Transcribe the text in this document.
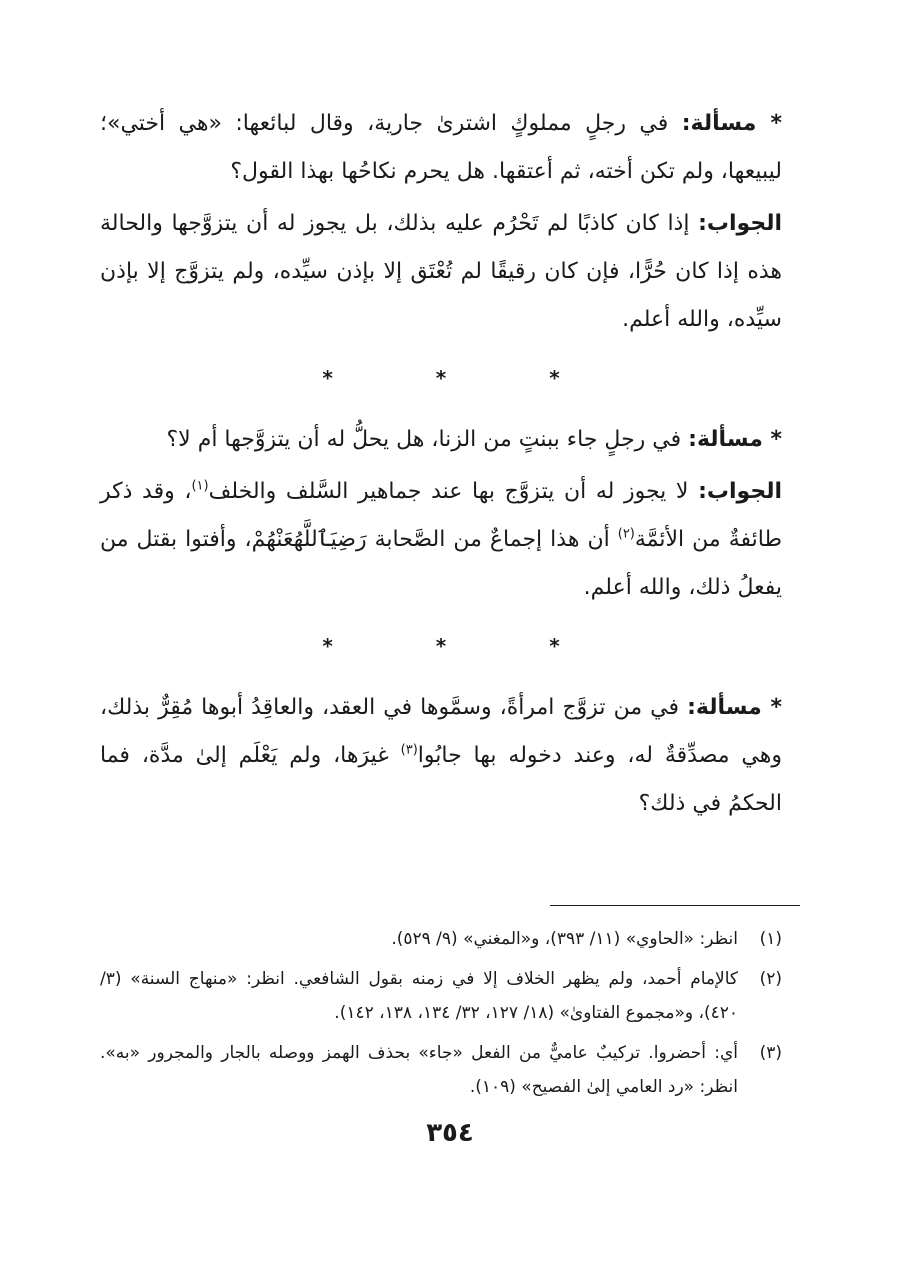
* مسألة: في رجلٍ مملوكٍ اشترىٰ جارية، وقال لبائعها: «هي أختي»؛ ليبيعها، ولم تكن أخته، ثم أعتقها. هل يحرم نكاحُها بهذا القول؟

الجواب: إذا كان كاذبًا لم تَحْرُم عليه بذلك، بل يجوز له أن يتزوَّجها والحالة هذه إذا كان حُرًّا، فإن كان رقيقًا لم تُعْتَق إلا بإذن سيِّده، ولم يتزوَّج إلا بإذن سيِّده، والله أعلم.

* * *

* مسألة: في رجلٍ جاء ببنتٍ من الزنا، هل يحلُّ له أن يتزوَّجها أم لا؟

الجواب: لا يجوز له أن يتزوَّج بها عند جماهير السَّلف والخلف$^{(١)}$، وقد ذكر طائفةٌ من الأئمَّة$^{(٢)}$ أن هذا إجماعٌ من الصَّحابة رَضِيَٱللَّهُعَنْهُمْ، وأفتوا بقتل من يفعلُ ذلك، والله أعلم.

* * *

* مسألة: في من تزوَّج امرأةً، وسمَّوها في العقد، والعاقِدُ أبوها مُقِرٌّ بذلك، وهي مصدِّقةٌ له، وعند دخوله بها جابُوا$^{(٣)}$ غيرَها، ولم يَعْلَم إلىٰ مدَّة، فما الحكمُ في ذلك؟

(١)
انظر: «الحاوي» (١١/ ٣٩٣)، و«المغني» (٩/ ٥٢٩).
(٢)
كالإمام أحمد، ولم يظهر الخلاف إلا في زمنه بقول الشافعي. انظر: «منهاج السنة» (٣/ ٤٢٠)، و«مجموع الفتاوىٰ» (١٨/ ١٢٧، ٣٢/ ١٣٤، ١٣٨، ١٤٢).
(٣)
أي: أحضروا. تركيبٌ عاميٌّ من الفعل «جاء» بحذف الهمز ووصله بالجار والمجرور «به». انظر: «رد العامي إلىٰ الفصيح» (١٠٩).
٣٥٤
